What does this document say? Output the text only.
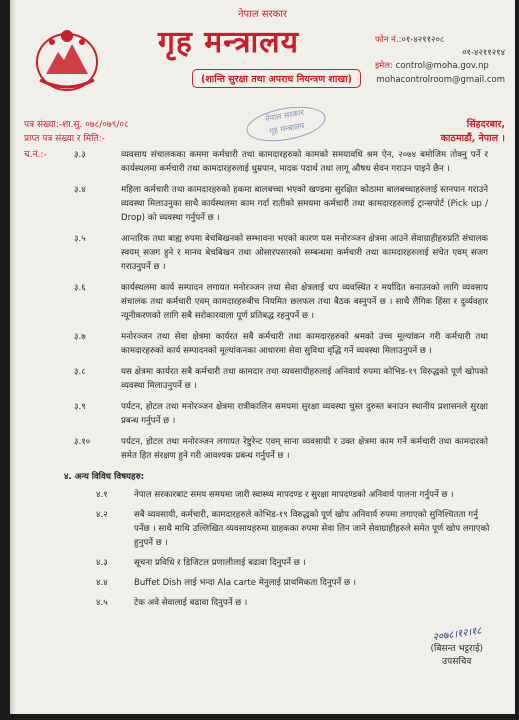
नेपाल सरकार
गृह मन्त्रालय
(शान्ति सुरक्षा तथा अपराध नियन्त्रण शाखा)
फोन नं.:०१-४२११२०८
०१-४२११२१४
इमेल: control@moha.gov.np
mohacontrolroom@gmail.com
नेपाल सरकार
गृह मन्त्रालय
पत्र संख्या:-शा.सु. ०७८/०७९/०८
प्राप्त पत्र संख्या र मिति:-
च.नं.:-
सिंहदरबार,
काठमाडौं, नेपाल ।
३.३	व्यवसाय संचालकका कममा कर्मचारी तथा कामदारहरुको कामको समयावधि श्रम ऐन, २०७४ बमोजिम तोक्नु पर्ने र कार्यस्थलमा कर्मचारी तथा कामदारहरुलाई धुम्रपान, मादक पदार्थ तथा लागू औषध सेवन गराउन पाइने छैन ।
३.४	महिला कर्मचारी तथा कामदारहरुको हकमा बालबच्चा भएको खण्डमा सुरक्षित कोठामा बालबच्चाहरुलाई स्तनपान गराउने व्यवस्था मिलाउनुका साथै कार्यस्थलमा काम गर्दा रातीको समयमा कर्मचारी तथा कामदारहरुलाई ट्रान्सपोर्ट (Pick up / Drop) को व्यवस्था गर्नुपर्ने छ ।
३.५	आन्तरिक तथा बाह्य रुपमा बेचबिखनको सम्भावना भएको कारण यस मनोरञ्जन क्षेत्रमा आउने सेवाग्राहीहरुप्रति संचालक स्वयम् सजग हुने र मानव बेचबिखन तथा ओसारपसारको सम्बन्धमा कर्मचारी तथा कामदारहरुलाई सचेत एवम् सजग गराउनुपर्ने छ ।
३.६	कार्यस्थलमा कार्य सम्पादन लगायत मनोरञ्जन तथा सेवा क्षेत्रलाई थप व्यवस्थित र मर्यादित बनाउनको लागि व्यवसाय संचालक तथा कर्मचारी एवम् कामदारहरुबीच नियमित छलफल तथा बैठक बस्नुपर्ने छ । साथै लैंगिक हिंसा र दुर्व्यवहार न्यूनीकरणको लागि सबै सरोकारवाला पूर्ण प्रतिबद्ध रहनुपर्ने छ ।
३.७	मनोरञ्जन तथा सेवा क्षेत्रमा कार्यरत सबै कर्मचारी तथा कामदारहरुको श्रमको उच्च मूल्यांकन गरी कर्मचारी तथा कामदारहरुको कार्य सम्पादनको मूल्यांकनका आधारमा सेवा सुविधा वृद्धि गर्ने व्यवस्था मिलाउनुपर्ने छ ।
३.८	यस क्षेत्रमा कार्यरत सबै कर्मचारी तथा कामदार तथा व्यवसायीहरुलाई अनिवार्य रुपमा कोभिड-१९ विरुद्धको पूर्ण खोपको व्यवस्था मिलाउनुपर्ने छ ।
३.९	पर्यटन, होटल तथा मनोरञ्जन क्षेत्रमा रात्रीकालिन समयमा सुरक्षा व्यवस्था चुस्त दुरुस्त बनाउन स्थानीय प्रशासनले सुरक्षा प्रबन्ध गर्नुपर्ने छ ।
३.१०	पर्यटन, होटल तथा मनोरञ्जन लगायत रेष्टुरेन्ट एवम् साना व्यवसायी र उक्त क्षेत्रमा काम गर्ने कर्मचारी तथा कामदारको समेत हित संरक्षण हुने गरी आवश्यक प्रबन्ध गर्नुपर्ने छ ।
४. अन्य विविध विषयहरु:
४.१	नेपाल सरकारबाट समय समयमा जारी स्वास्थ्य मापदण्ड र सुरक्षा मापदण्डको अनिवार्य पालना गर्नुपर्ने छ ।
४.२	सबै व्यवसायी, कर्मचारी, कामदारहरुले कोभिड-१९ विरुद्धको पूर्ण खोप अनिवार्य रुपमा लगाएको सुनिश्चितता गर्नु पर्नेछ । साथै माथि उल्लिखित व्यवसायहरुमा ग्राहकका रुपमा सेवा लिन जाने सेवाग्राहीहरुले समेत पूर्ण खोप लगाएको हुनुपर्ने छ ।
४.३	सूचना प्रविधि र डिजिटल प्रणालीलाई बढावा दिनुपर्ने छ ।
४.४	Buffet Dish लाई भन्दा Ala carte मेनुलाई प्राथमिकता दिनुपर्ने छ ।
४.५	टेक अवे सेवालाई बढावा दिनुपर्ने छ ।
२०७८।१२।१८
(बिसन्त भट्टराई)
उपसचिव
